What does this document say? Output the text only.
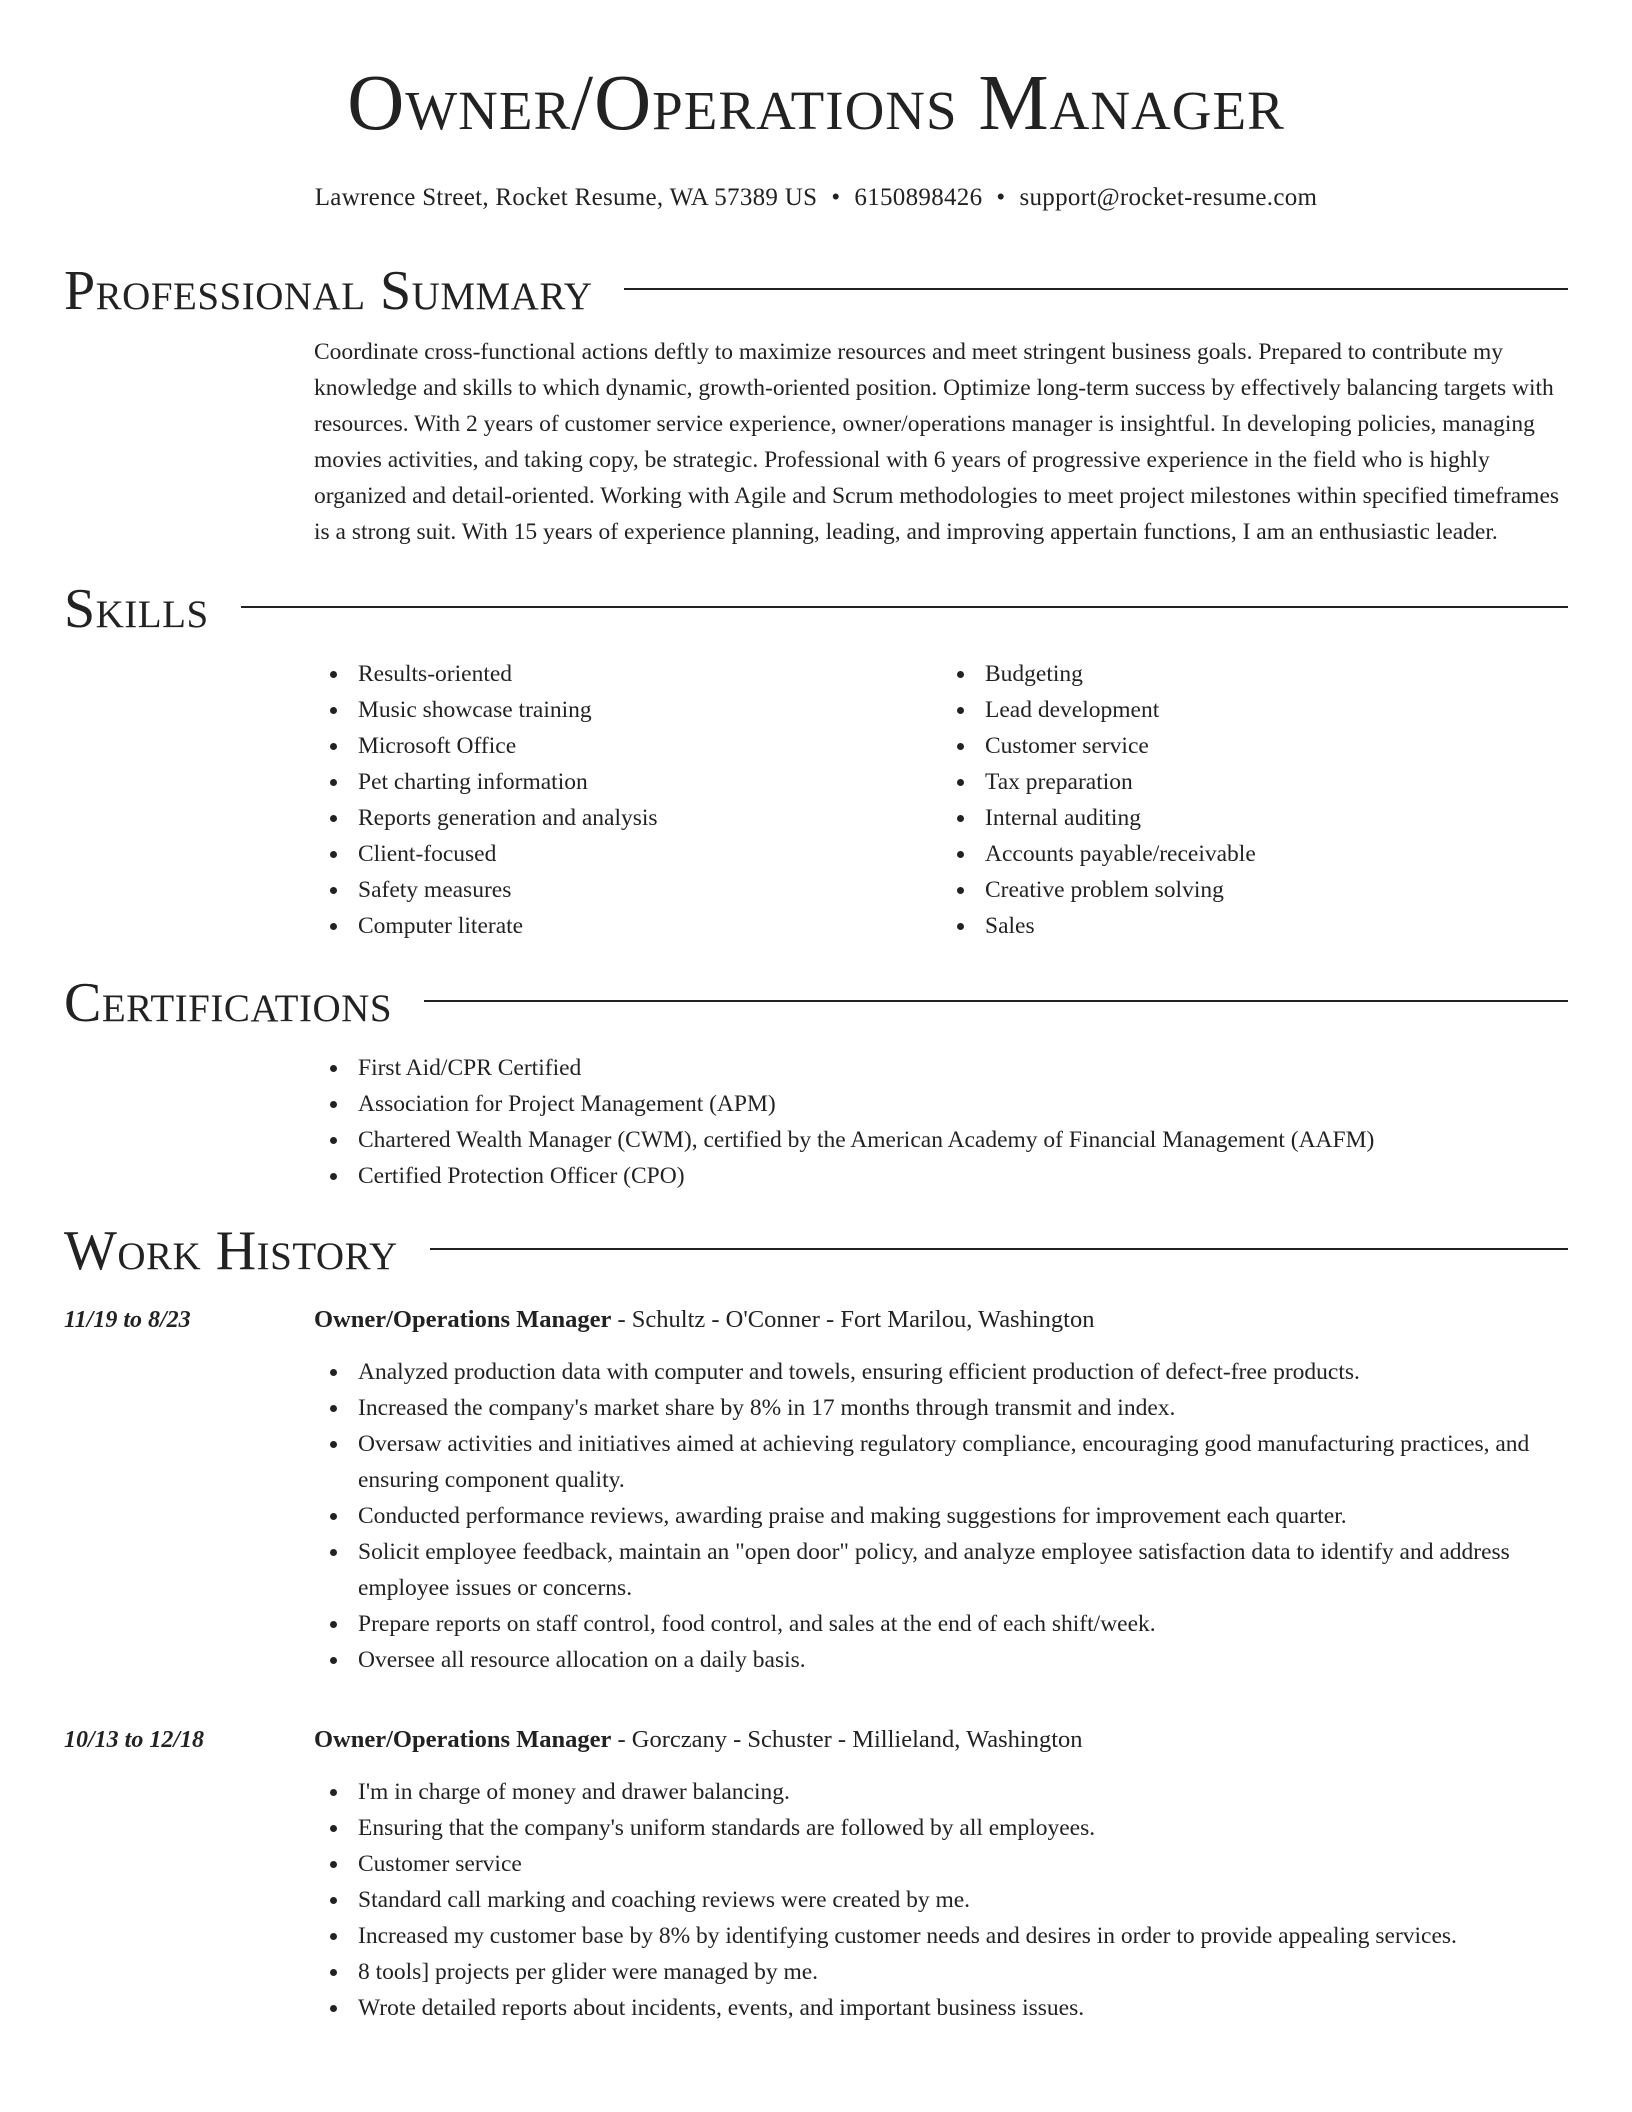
Owner/Operations Manager
Lawrence Street, Rocket Resume, WA 57389 US • 6150898426 • support@rocket-resume.com
Professional Summary

Coordinate cross-functional actions deftly to maximize resources and meet stringent business goals. Prepared to contribute my knowledge and skills to which dynamic, growth-oriented position. Optimize long-term success by effectively balancing targets with resources. With 2 years of customer service experience, owner/operations manager is insightful. In developing policies, managing movies activities, and taking copy, be strategic. Professional with 6 years of progressive experience in the field who is highly organized and detail-oriented. Working with Agile and Scrum methodologies to meet project milestones within specified timeframes is a strong suit. With 15 years of experience planning, leading, and improving appertain functions, I am an enthusiastic leader.

Skills
Results-oriented
Music showcase training
Microsoft Office
Pet charting information
Reports generation and analysis
Client-focused
Safety measures
Computer literate
Budgeting
Lead development
Customer service
Tax preparation
Internal auditing
Accounts payable/receivable
Creative problem solving
Sales
Certifications
First Aid/CPR Certified
Association for Project Management (APM)
Chartered Wealth Manager (CWM), certified by the American Academy of Financial Management (AAFM)
Certified Protection Officer (CPO)
Work History
11/19 to 8/23	Owner/Operations Manager - Schultz - O'Conner - Fort Marilou, Washington
Analyzed production data with computer and towels, ensuring efficient production of defect-free products.
Increased the company's market share by 8% in 17 months through transmit and index.
Oversaw activities and initiatives aimed at achieving regulatory compliance, encouraging good manufacturing practices, and ensuring component quality.
Conducted performance reviews, awarding praise and making suggestions for improvement each quarter.
Solicit employee feedback, maintain an "open door" policy, and analyze employee satisfaction data to identify and address employee issues or concerns.
Prepare reports on staff control, food control, and sales at the end of each shift/week.
Oversee all resource allocation on a daily basis.
10/13 to 12/18	Owner/Operations Manager - Gorczany - Schuster - Millieland, Washington
I'm in charge of money and drawer balancing.
Ensuring that the company's uniform standards are followed by all employees.
Customer service
Standard call marking and coaching reviews were created by me.
Increased my customer base by 8% by identifying customer needs and desires in order to provide appealing services.
8 tools] projects per glider were managed by me.
Wrote detailed reports about incidents, events, and important business issues.
